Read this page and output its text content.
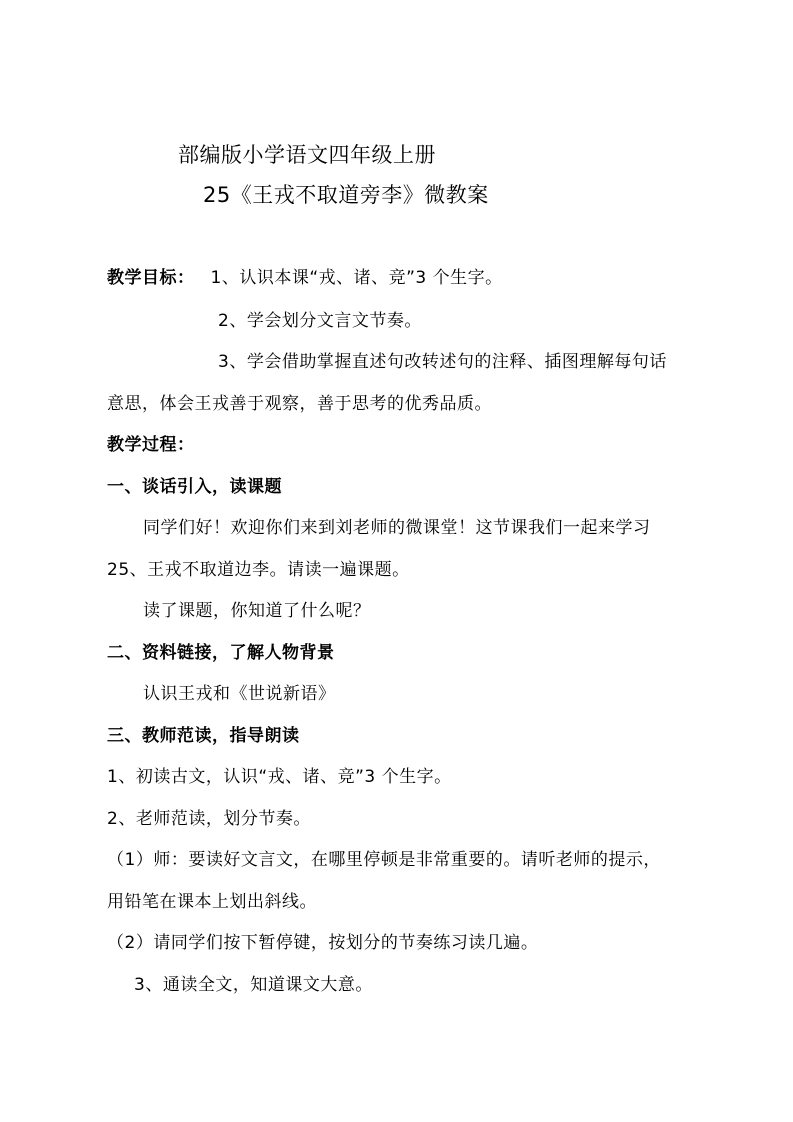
部编版小学语文四年级上册
25《王戎不取道旁李》微教案
教学目标： 1、认识本课“戎、诸、竞”3 个生字。
2、学会划分文言文节奏。
3、学会借助掌握直述句改转述句的注释、插图理解每句话
意思，体会王戎善于观察，善于思考的优秀品质。
教学过程：
一、谈话引入，读课题
同学们好！欢迎你们来到刘老师的微课堂！这节课我们一起来学习
25、王戎不取道边李。请读一遍课题。
读了课题，你知道了什么呢？
二、资料链接，了解人物背景
认识王戎和《世说新语》
三、教师范读，指导朗读
1、初读古文，认识“戎、诸、竞”3 个生字。
2、老师范读，划分节奏。
（1）师：要读好文言文，在哪里停顿是非常重要的。请听老师的提示，
用铅笔在课本上划出斜线。
（2）请同学们按下暂停键，按划分的节奏练习读几遍。
3、通读全文，知道课文大意。
